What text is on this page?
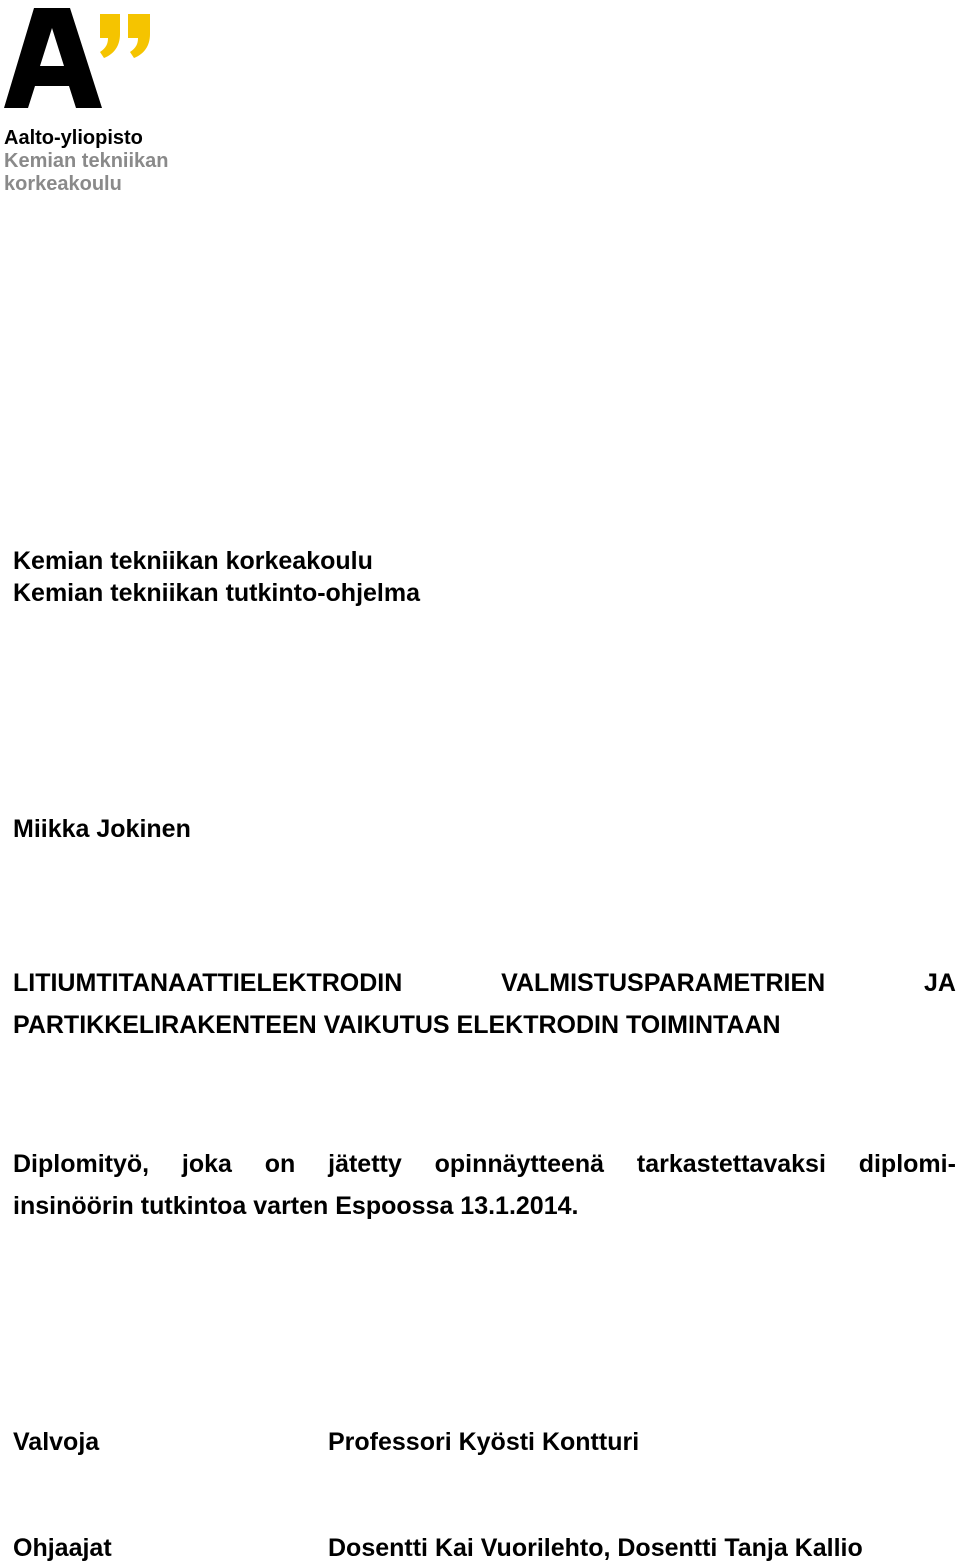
Aalto-yliopisto
Kemian tekniikan
korkeakoulu
Kemian tekniikan korkeakoulu
Kemian tekniikan tutkinto-ohjelma
Miikka Jokinen
LITIUMTITANAATTIELEKTRODIN	VALMISTUSPARAMETRIEN	JA
PARTIKKELIRAKENTEEN VAIKUTUS ELEKTRODIN TOIMINTAAN
Diplomityö, joka on jätetty opinnäytteenä tarkastettavaksi diplomi-
insinöörin tutkintoa varten Espoossa 13.1.2014.
Valvoja	Professori Kyösti Kontturi
Ohjaajat	Dosentti Kai Vuorilehto, Dosentti Tanja Kallio
